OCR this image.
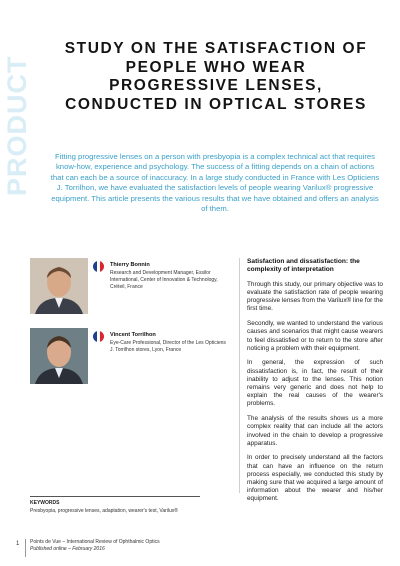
PRODUCT
STUDY ON THE SATISFACTION OF
PEOPLE WHO WEAR
PROGRESSIVE LENSES,
CONDUCTED IN OPTICAL STORES
Fitting progressive lenses on a person with presbyopia is a complex technical act that requires know-how, experience and psychology. The success of a fitting depends on a chain of actions that can each be a source of inaccuracy. In a large study conducted in France with Les Opticiens J. Torrilhon, we have evaluated the satisfaction levels of people wearing Varilux® progressive equipment. This article presents the various results that we have obtained and offers an analysis of them.
Thierry Bonnin
Research and Development Manager, Essilor International, Center of Innovation & Technology, Créteil, France
Vincent Torrilhon
Eye-Care Professional, Director of the Les Opticiens J. Torrilhon stores, Lyon, France
Satisfaction and dissatisfaction: the complexity of interpretation

Through this study, our primary objective was to evaluate the satisfaction rate of people wearing progressive lenses from the Varilux® line for the first time.

Secondly, we wanted to understand the various causes and scenarios that might cause wearers to feel dissatisfied or to return to the store after noticing a problem with their equipment.

In general, the expression of such dissatisfaction is, in fact, the result of their inability to adjust to the lenses. This notion remains very generic and does not help to explain the real causes of the wearer's problems.

The analysis of the results shows us a more complex reality that can include all the actors involved in the chain to develop a progressive apparatus.

In order to precisely understand all the factors that can have an influence on the return process especially, we conducted this study by making sure that we acquired a large amount of information about the wearer and his/her equipment.

KEYWORDS
Presbyopia, progressive lenses, adaptation, wearer's test, Varilux®
1 Points de Vue – International Review of Ophthalmic Optics
Published online – February 2016
